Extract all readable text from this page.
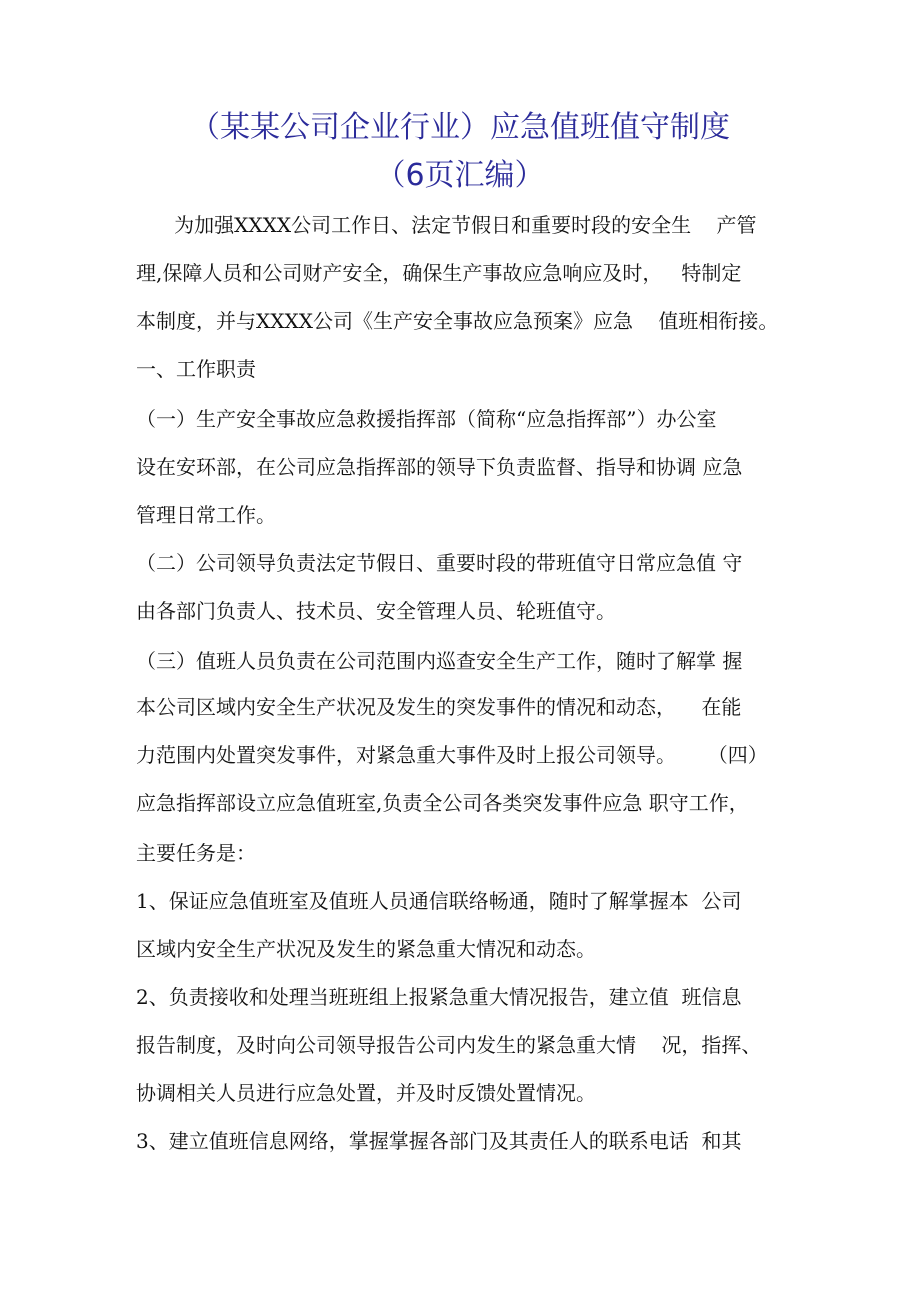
（某某公司企业行业）应急值班值守制度
（6页汇编）
为加强XXXX公司工作日、法定节假日和重要时段的安全生    产管
理,保障人员和公司财产安全，确保生产事故应急响应及时，   特制定
本制度，并与XXXX公司《生产安全事故应急预案》应急    值班相衔接。
一、工作职责
（一）生产安全事故应急救援指挥部（简称“应急指挥部”）办公室
设在安环部，在公司应急指挥部的领导下负责监督、指导和协调 应急
管理日常工作。
（二）公司领导负责法定节假日、重要时段的带班值守日常应急值 守
由各部门负责人、技术员、安全管理人员、轮班值守。
（三）值班人员负责在公司范围内巡查安全生产工作，随时了解掌 握
本公司区域内安全生产状况及发生的突发事件的情况和动态，    在能
力范围内处置突发事件，对紧急重大事件及时上报公司领导。     （四）
应急指挥部设立应急值班室,负责全公司各类突发事件应急 职守工作，
主要任务是：
1、保证应急值班室及值班人员通信联络畅通，随时了解掌握本  公司
区域内安全生产状况及发生的紧急重大情况和动态。
2、负责接收和处理当班班组上报紧急重大情况报告，建立值  班信息
报告制度，及时向公司领导报告公司内发生的紧急重大情    况，指挥、
协调相关人员进行应急处置，并及时反馈处置情况。
3、建立值班信息网络，掌握掌握各部门及其责任人的联系电话  和其
